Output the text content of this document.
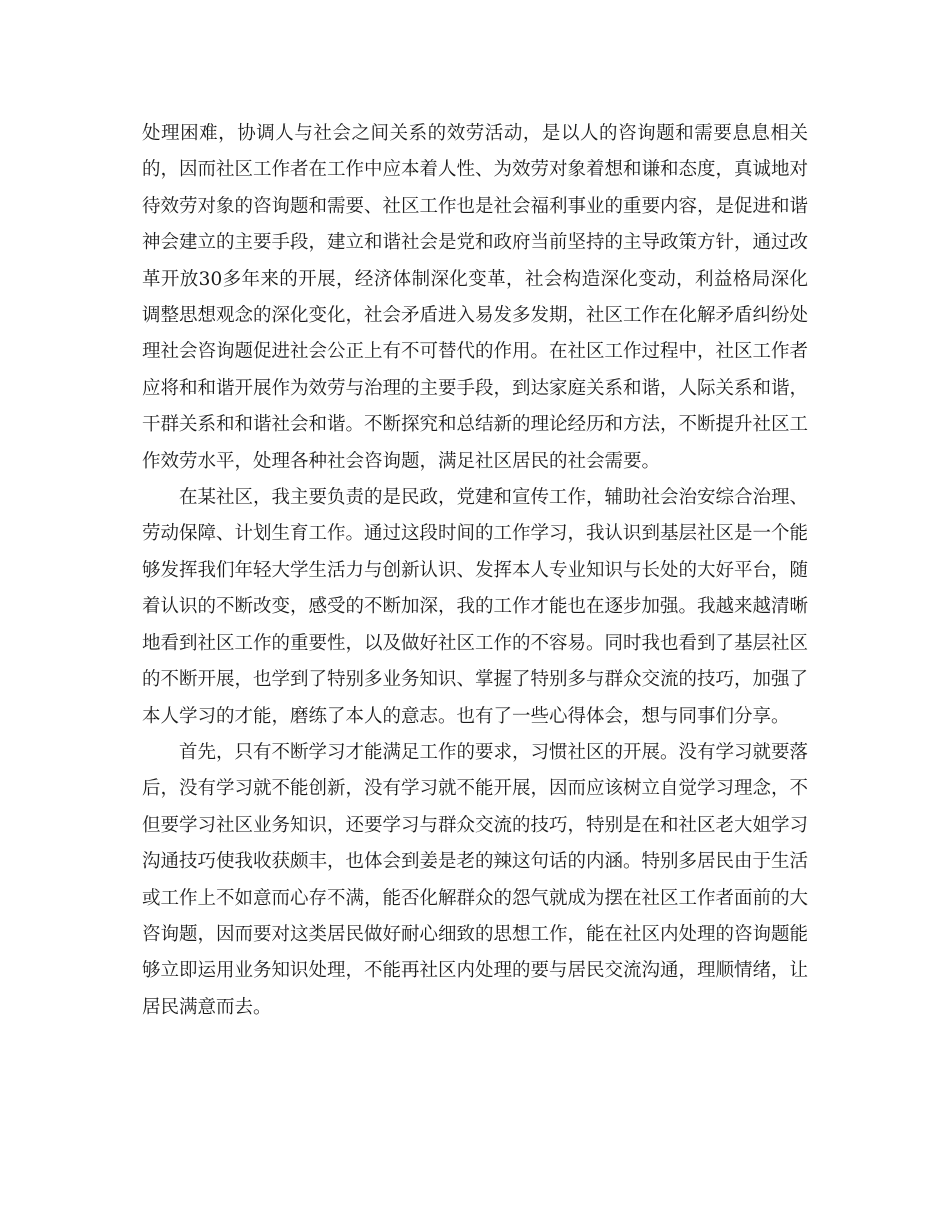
处理困难，协调人与社会之间关系的效劳活动，是以人的咨询题和需要息息相关的，因而社区工作者在工作中应本着人性、为效劳对象着想和谦和态度，真诚地对待效劳对象的咨询题和需要、社区工作也是社会福利事业的重要内容，是促进和谐神会建立的主要手段，建立和谐社会是党和政府当前坚持的主导政策方针，通过改革开放30多年来的开展，经济体制深化变革，社会构造深化变动，利益格局深化调整思想观念的深化变化，社会矛盾进入易发多发期，社区工作在化解矛盾纠纷处理社会咨询题促进社会公正上有不可替代的作用。在社区工作过程中，社区工作者应将和和谐开展作为效劳与治理的主要手段，到达家庭关系和谐，人际关系和谐，干群关系和和谐社会和谐。不断探究和总结新的理论经历和方法，不断提升社区工作效劳水平，处理各种社会咨询题，满足社区居民的社会需要。

在某社区，我主要负责的是民政，党建和宣传工作，辅助社会治安综合治理、劳动保障、计划生育工作。通过这段时间的工作学习，我认识到基层社区是一个能够发挥我们年轻大学生活力与创新认识、发挥本人专业知识与长处的大好平台，随着认识的不断改变，感受的不断加深，我的工作才能也在逐步加强。我越来越清晰地看到社区工作的重要性，以及做好社区工作的不容易。同时我也看到了基层社区的不断开展，也学到了特别多业务知识、掌握了特别多与群众交流的技巧，加强了本人学习的才能，磨练了本人的意志。也有了一些心得体会，想与同事们分享。

首先，只有不断学习才能满足工作的要求，习惯社区的开展。没有学习就要落后，没有学习就不能创新，没有学习就不能开展，因而应该树立自觉学习理念，不但要学习社区业务知识，还要学习与群众交流的技巧，特别是在和社区老大姐学习沟通技巧使我收获颇丰，也体会到姜是老的辣这句话的内涵。特别多居民由于生活或工作上不如意而心存不满，能否化解群众的怨气就成为摆在社区工作者面前的大咨询题，因而要对这类居民做好耐心细致的思想工作，能在社区内处理的咨询题能够立即运用业务知识处理，不能再社区内处理的要与居民交流沟通，理顺情绪，让居民满意而去。
